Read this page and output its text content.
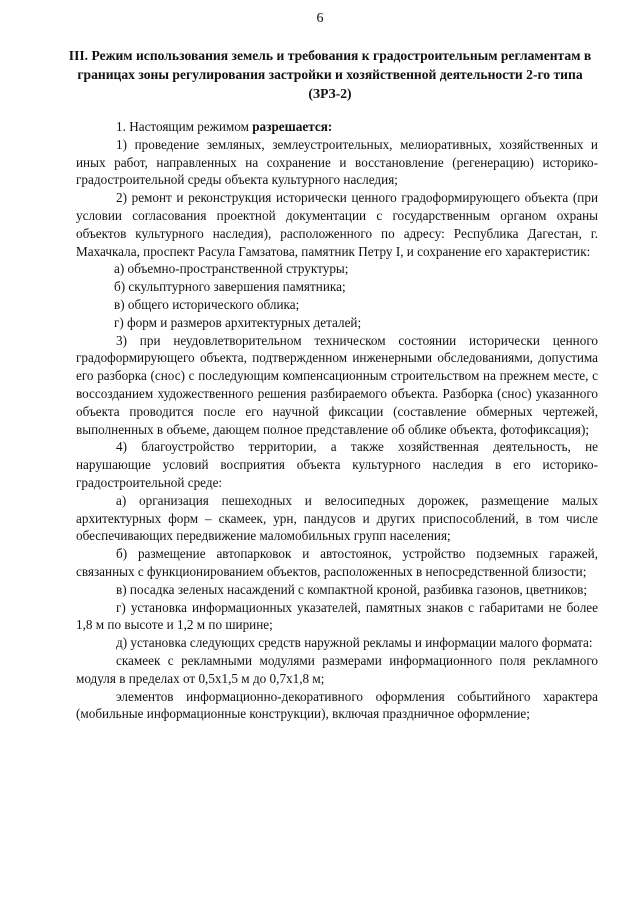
6
III. Режим использования земель и требования к градостроительным регламентам в границах зоны регулирования застройки и хозяйственной деятельности 2-го типа (ЗРЗ-2)

1. Настоящим режимом разрешается:

1) проведение земляных, землеустроительных, мелиоративных, хозяйственных и иных работ, направленных на сохранение и восстановление (регенерацию) историко-градостроительной среды объекта культурного наследия;

2) ремонт и реконструкция исторически ценного градоформирующего объекта (при условии согласования проектной документации с государственным органом охраны объектов культурного наследия), расположенного по адресу: Республика Дагестан, г. Махачкала, проспект Расула Гамзатова, памятник Петру I, и сохранение его характеристик:

а) объемно-пространственной структуры;

б) скульптурного завершения памятника;

в) общего исторического облика;

г) форм и размеров архитектурных деталей;

3) при неудовлетворительном техническом состоянии исторически ценного градоформирующего объекта, подтвержденном инженерными обследованиями, допустима его разборка (снос) с последующим компенсационным строительством на прежнем месте, с воссозданием художественного решения разбираемого объекта. Разборка (снос) указанного объекта проводится после его научной фиксации (составление обмерных чертежей, выполненных в объеме, дающем полное представление об облике объекта, фотофиксация);

4) благоустройство территории, а также хозяйственная деятельность, не нарушающие условий восприятия объекта культурного наследия в его историко-градостроительной среде:

а) организация пешеходных и велосипедных дорожек, размещение малых архитектурных форм – скамеек, урн, пандусов и других приспособлений, в том числе обеспечивающих передвижение маломобильных групп населения;

б) размещение автопарковок и автостоянок, устройство подземных гаражей, связанных с функционированием объектов, расположенных в непосредственной близости;

в) посадка зеленых насаждений с компактной кроной, разбивка газонов, цветников;

г) установка информационных указателей, памятных знаков с габаритами не более 1,8 м по высоте и 1,2 м по ширине;

д) установка следующих средств наружной рекламы и информации малого формата:

скамеек с рекламными модулями размерами информационного поля рекламного модуля в пределах от 0,5x1,5 м до 0,7x1,8 м;

элементов информационно-декоративного оформления событийного характера (мобильные информационные конструкции), включая праздничное оформление;
